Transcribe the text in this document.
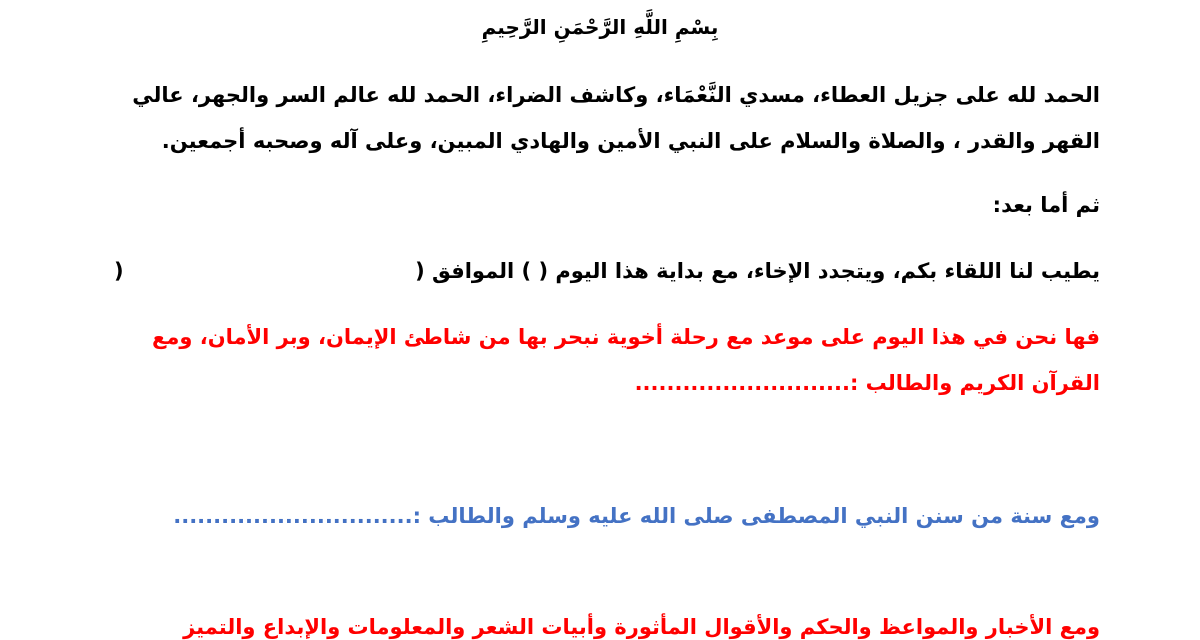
بِسْمِ اللَّهِ الرَّحْمَنِ الرَّحِيمِ
الحمد لله على جزيل العطاء، مسدي النَّعْمَاء، وكاشف الضراء، الحمد لله عالم السر والجهر، عالي
القهر والقدر ، والصلاة والسلام على النبي الأمين والهادي المبين، وعلى آله وصحبه أجمعين.
ثم أما بعد:
يطيب لنا اللقاء بكم، ويتجدد الإخاء، مع بداية هذا اليوم ( ) الموافق (
)
فها نحن في هذا اليوم على موعد مع رحلة أخوية نبحر بها من شاطئ الإيمان، وبر الأمان، ومع
القرآن الكريم والطالب :...........................
ومع سنة من سنن النبي المصطفى صلى الله عليه وسلم والطالب :..............................
ومع الأخبار والمواعظ والحكم والأقوال المأثورة وأبيات الشعر والمعلومات والإبداع والتميز
